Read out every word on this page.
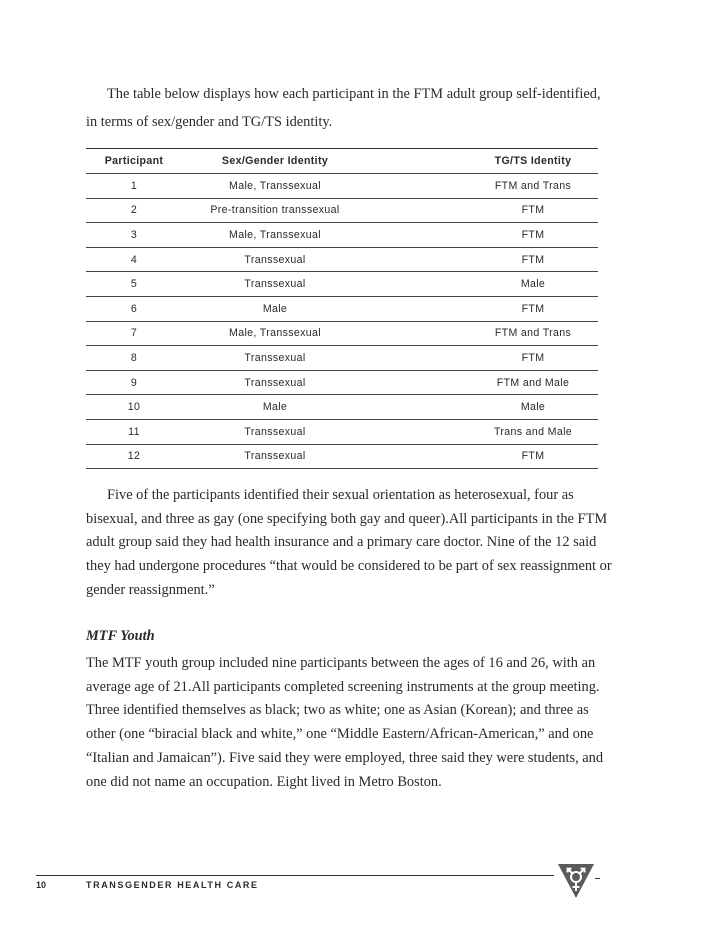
The table below displays how each participant in the FTM adult group self-identified, in terms of sex/gender and TG/TS identity.

Participant	Sex/Gender Identity	TG/TS Identity
1	Male, Transsexual	FTM and Trans
2	Pre-transition transsexual	FTM
3	Male, Transsexual	FTM
4	Transsexual	FTM
5	Transsexual	Male
6	Male	FTM
7	Male, Transsexual	FTM and Trans
8	Transsexual	FTM
9	Transsexual	FTM and Male
10	Male	Male
11	Transsexual	Trans and Male
12	Transsexual	FTM

Five of the participants identified their sexual orientation as heterosexual, four as bisexual, and three as gay (one specifying both gay and queer).All participants in the FTM adult group said they had health insurance and a primary care doctor. Nine of the 12 said they had undergone procedures “that would be considered to be part of sex reassignment or gender reassignment.”

MTF Youth

The MTF youth group included nine participants between the ages of 16 and 26, with an average age of 21.All participants completed screening instruments at the group meeting. Three identified themselves as black; two as white; one as Asian (Korean); and three as other (one “biracial black and white,” one “Middle Eastern/African-American,” and one “Italian and Jamaican”). Five said they were employed, three said they were students, and one did not name an occupation. Eight lived in Metro Boston.

10	TRANSGENDER HEALTH CARE
